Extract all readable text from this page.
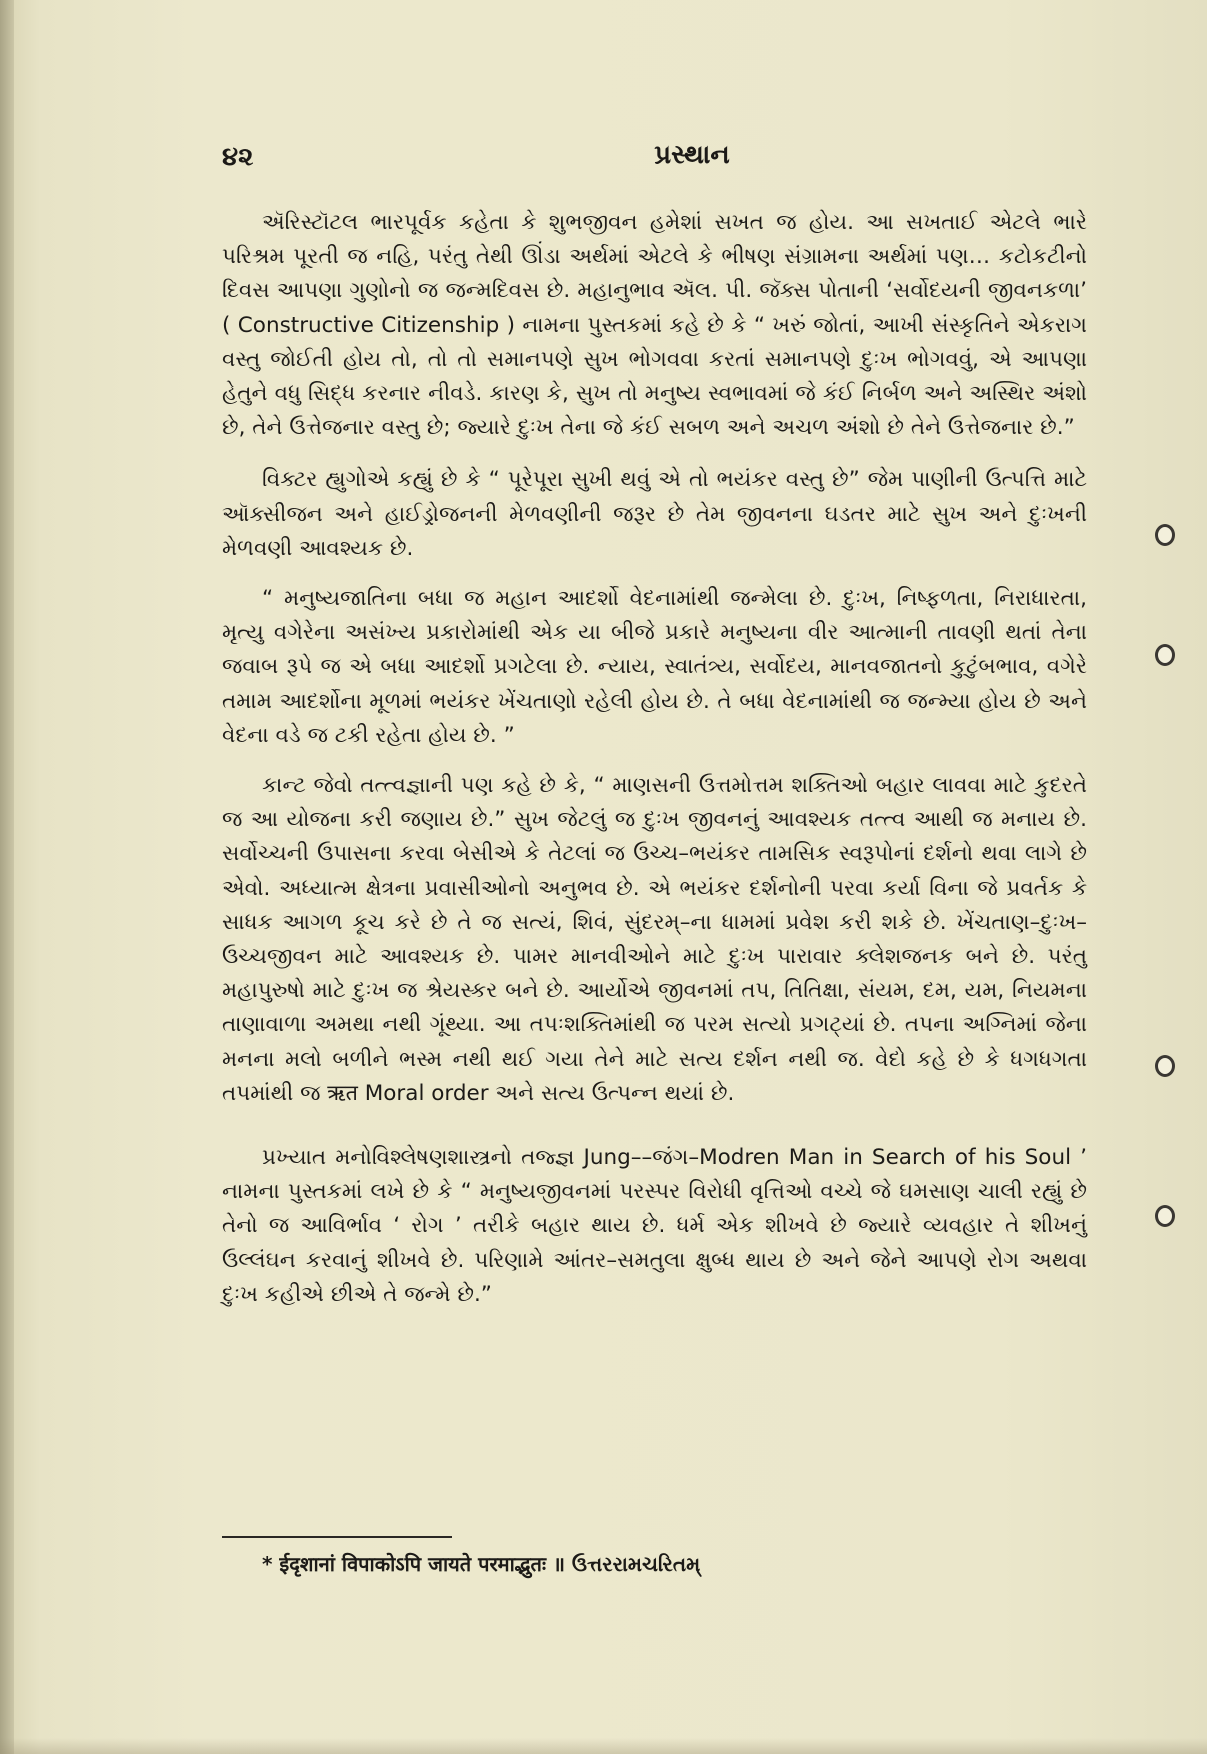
૪૨	પ્રસ્થાન

ઍરિસ્ટૉટલ ભારપૂર્વક કહેતા કે શુભજીવન હમેશાં સખત જ હોય. આ સખતાઈ એટલે ભારે પરિશ્રમ પૂરતી જ નહિ, પરંતુ તેથી ઊંડા અર્થમાં એટલે કે ભીષણ સંગ્રામના અર્થમાં પણ… કટોકટીનો દિવસ આપણા ગુણોનો જ જન્મદિવસ છે. મહાનુભાવ ઍલ. પી. જૅક્સ પોતાની ‘સર્વોદયની જીવનકળા’ ( Constructive Citizenship ) નામના પુસ્તકમાં કહે છે કે “ ખરું જોતાં, આખી સંસ્કૃતિને એકરાગ વસ્તુ જોઈતી હોય તો, તો તો સમાનપણે સુખ ભોગવવા કરતાં સમાનપણે દુઃખ ભોગવવું, એ આપણા હેતુને વધુ સિદ્ધ કરનાર નીવડે. કારણ કે, સુખ તો મનુષ્ય સ્વભાવમાં જે કંઈ નિર્બળ અને અસ્થિર અંશો છે, તેને ઉત્તેજનાર વસ્તુ છે; જ્યારે દુઃખ તેના જે કંઈ સબળ અને અચળ અંશો છે તેને ઉત્તેજનાર છે.”

વિક્ટર હ્યુગોએ કહ્યું છે કે “ પૂરેપૂરા સુખી થવું એ તો ભયંકર વસ્તુ છે” જેમ પાણીની ઉત્પત્તિ માટે ઑક્સીજન અને હાઈડ્રોજનની મેળવણીની જરૂર છે તેમ જીવનના ઘડતર માટે સુખ અને દુઃખની મેળવણી આવશ્યક છે.

“ મનુષ્યજાતિના બધા જ મહાન આદર્શો વેદનામાંથી જન્મેલા છે. દુઃખ, નિષ્ફળતા, નિરાધારતા, મૃત્યુ વગેરેના અસંખ્ય પ્રકારોમાંથી એક યા બીજે પ્રકારે મનુષ્યના વીર આત્માની તાવણી થતાં તેના જવાબ રૂપે જ એ બધા આદર્શો પ્રગટેલા છે. ન્યાય, સ્વાતંત્ર્ય, સર્વોદય, માનવજાતનો કુટુંબભાવ, વગેરે તમામ આદર્શોના મૂળમાં ભયંકર ખેંચતાણો રહેલી હોય છે. તે બધા વેદનામાંથી જ જન્મ્યા હોય છે અને વેદના વડે જ ટકી રહેતા હોય છે. ”

કાન્ટ જેવો તત્ત્વજ્ઞાની પણ કહે છે કે, “ માણસની ઉત્તમોત્તમ શક્તિઓ બહાર લાવવા માટે કુદરતે જ આ યોજના કરી જણાય છે.” સુખ જેટલું જ દુઃખ જીવનનું આવશ્યક તત્ત્વ આથી જ મનાય છે. સર્વોચ્ચની ઉપાસના કરવા બેસીએ કે તેટલાં જ ઉચ્ચ–ભયંકર તામસિક સ્વરૂપોનાં દર્શનો થવા લાગે છે એવો. અધ્યાત્મ ક્ષેત્રના પ્રવાસીઓનો અનુભવ છે. એ ભયંકર દર્શનોની પરવા કર્યા વિના જે પ્રવર્તક કે સાધક આગળ કૂચ કરે છે તે જ સત્યં, શિવં, સુંદરમ્–ના ધામમાં પ્રવેશ કરી શકે છે. ખેંચતાણ–દુઃખ–ઉચ્ચજીવન માટે આવશ્યક છે. પામર માનવીઓને માટે દુઃખ પારાવાર ક્લેશજનક બને છે. પરંતુ મહાપુરુષો માટે દુઃખ જ શ્રેયસ્કર બને છે. આર્યોએ જીવનમાં તપ, તિતિક્ષા, સંયમ, દમ, યમ, નિયમના તાણાવાળા અમથા નથી ગૂંથ્યા. આ તપઃશક્તિમાંથી જ પરમ સત્યો પ્રગટ્યાં છે. તપના અગ્નિમાં જેના મનના મલો બળીને ભસ્મ નથી થઈ ગયા તેને માટે સત્ય દર્શન નથી જ. વેદો કહે છે કે ધગધગતા તપમાંથી જ ऋत Moral order અને સત્ય ઉત્પન્ન થયાં છે.

પ્રખ્યાત મનોવિશ્લેષણશાસ્ત્રનો તજ્જ્ઞ Jung––જંગ–Modren Man in Search of his Soul ’ નામના પુસ્તકમાં લખે છે કે “ મનુષ્યજીવનમાં પરસ્પર વિરોધી વૃત્તિઓ વચ્ચે જે ઘમસાણ ચાલી રહ્યું છે તેનો જ આવિર્ભાવ ‘ રોગ ’ તરીકે બહાર થાય છે. ધર્મ એક શીખવે છે જ્યારે વ્યવહાર તે શીખનું ઉલ્લંઘન કરવાનું શીખવે છે. પરિણામે આંતર–સમતુલા ક્ષુબ્ધ થાય છે અને જેને આપણે રોગ અથવા દુઃખ કહીએ છીએ તે જન્મે છે.”

* ईदृशानां विपाकोऽपि जायते परमाद्भुतः ॥ ઉત્તરરામચરિતમ્
